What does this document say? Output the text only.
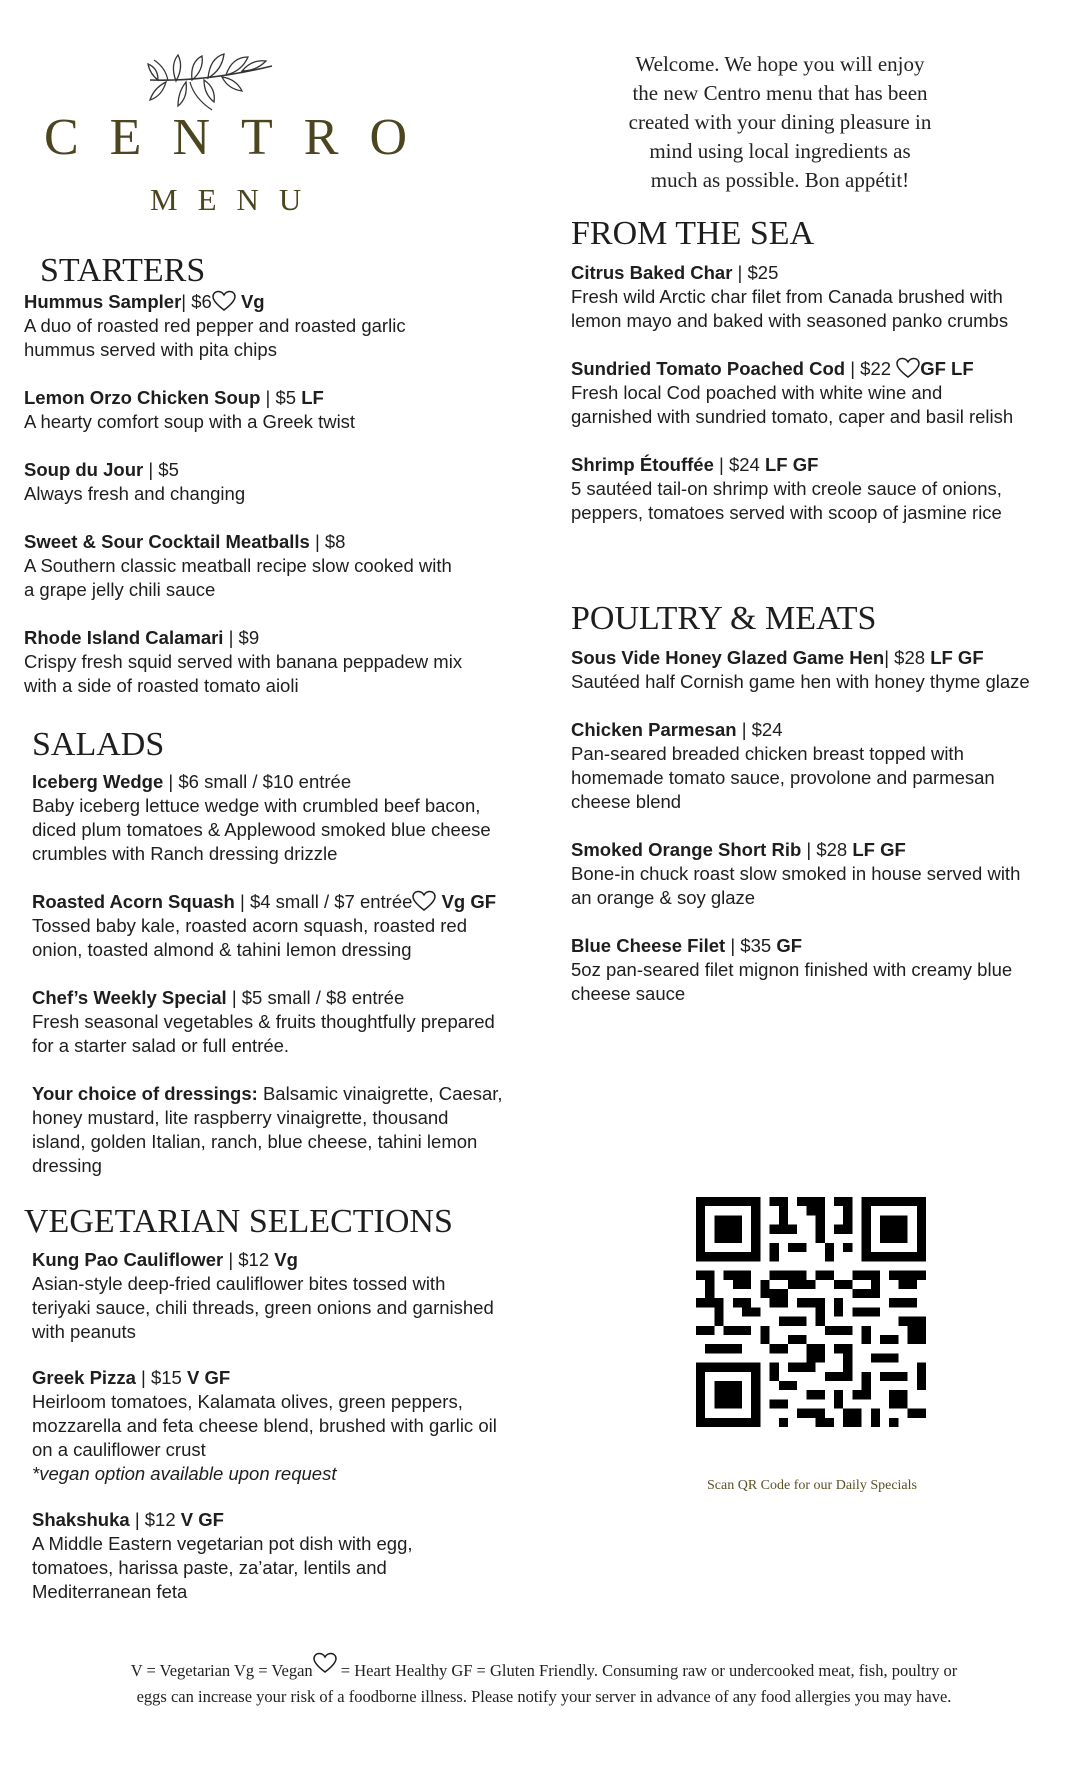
CENTRO
MENU
Welcome. We hope you will enjoy
the new Centro menu that has been
created with your dining pleasure in
mind using local ingredients as
much as possible. Bon appétit!
STARTERS
Hummus Sampler| $6 Vg
A duo of roasted red pepper and roasted garlic
hummus served with pita chips
Lemon Orzo Chicken Soup | $5 LF
A hearty comfort soup with a Greek twist
Soup du Jour | $5
Always fresh and changing
Sweet & Sour Cocktail Meatballs | $8
A Southern classic meatball recipe slow cooked with
a grape jelly chili sauce
Rhode Island Calamari | $9
Crispy fresh squid served with banana peppadew mix
with a side of roasted tomato aioli
SALADS
Iceberg Wedge | $6 small / $10 entrée
Baby iceberg lettuce wedge with crumbled beef bacon,
diced plum tomatoes & Applewood smoked blue cheese
crumbles with Ranch dressing drizzle
Roasted Acorn Squash | $4 small / $7 entrée Vg GF
Tossed baby kale, roasted acorn squash, roasted red
onion, toasted almond & tahini lemon dressing
Chef’s Weekly Special | $5 small / $8 entrée
Fresh seasonal vegetables & fruits thoughtfully prepared
for a starter salad or full entrée.
Your choice of dressings: Balsamic vinaigrette, Caesar,
honey mustard, lite raspberry vinaigrette, thousand
island, golden Italian, ranch, blue cheese, tahini lemon
dressing
VEGETARIAN SELECTIONS
Kung Pao Cauliflower | $12 Vg
Asian-style deep-fried cauliflower bites tossed with
teriyaki sauce, chili threads, green onions and garnished
with peanuts
Greek Pizza | $15 V GF
Heirloom tomatoes, Kalamata olives, green peppers,
mozzarella and feta cheese blend, brushed with garlic oil
on a cauliflower crust
*vegan option available upon request
Shakshuka | $12 V GF
A Middle Eastern vegetarian pot dish with egg,
tomatoes, harissa paste, za’atar, lentils and
Mediterranean feta
FROM THE SEA
Citrus Baked Char | $25
Fresh wild Arctic char filet from Canada brushed with
lemon mayo and baked with seasoned panko crumbs
Sundried Tomato Poached Cod | $22 GF LF
Fresh local Cod poached with white wine and
garnished with sundried tomato, caper and basil relish
Shrimp Étouffée | $24 LF GF
5 sautéed tail-on shrimp with creole sauce of onions,
peppers, tomatoes served with scoop of jasmine rice
POULTRY & MEATS
Sous Vide Honey Glazed Game Hen| $28 LF GF
Sautéed half Cornish game hen with honey thyme glaze
Chicken Parmesan | $24
Pan-seared breaded chicken breast topped with
homemade tomato sauce, provolone and parmesan
cheese blend
Smoked Orange Short Rib | $28 LF GF
Bone-in chuck roast slow smoked in house served with
an orange & soy glaze
Blue Cheese Filet | $35 GF
5oz pan-seared filet mignon finished with creamy blue
cheese sauce
Scan QR Code for our Daily Specials
V = Vegetarian Vg = Vegan = Heart Healthy GF = Gluten Friendly. Consuming raw or undercooked meat, fish, poultry or
eggs can increase your risk of a foodborne illness. Please notify your server in advance of any food allergies you may have.
